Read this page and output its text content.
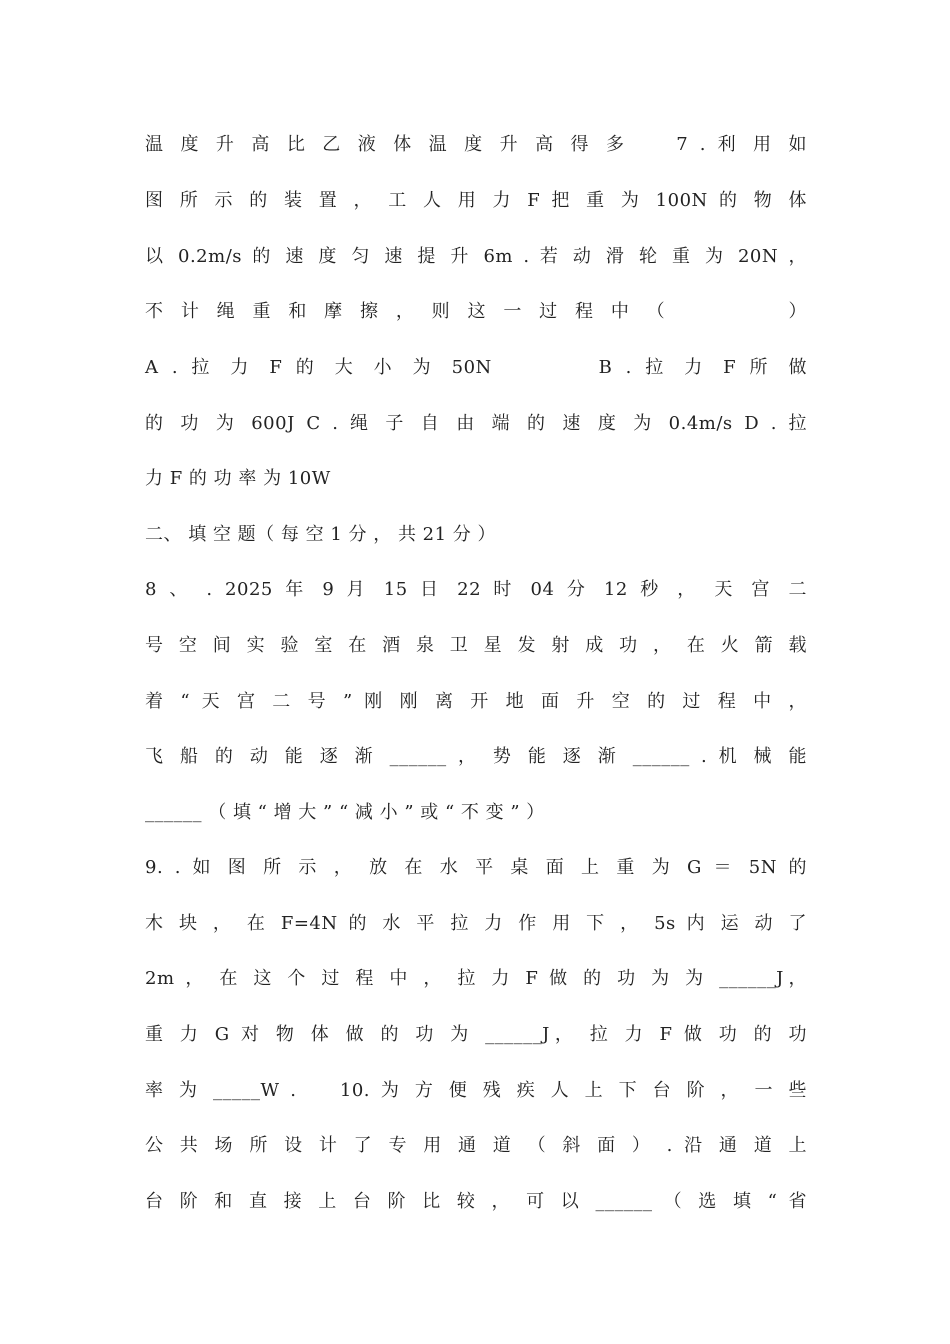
温 度 升 高 比 乙 液 体 温 度 升 高 得 多    7 . 利 用 如
图 所 示 的 装 置 ， 工 人 用 力 F 把 重 为 100N 的 物 体
以 0.2m/s 的 速 度 匀 速 提 升 6m . 若 动 滑 轮 重 为 20N ，
不 计 绳 重 和 摩 擦 ， 则 这 一 过 程 中 （          ）
A . 拉 力 F 的 大 小 为 50N        B . 拉 力 F 所 做
的 功 为 600J C . 绳 子 自 由 端 的 速 度 为 0.4m/s D . 拉
力 F 的 功 率 为 10W
二、 填 空 题（ 每 空 1 分 ， 共 21 分 ）
8 、 . 2025 年 9 月 15 日 22 时 04 分 12 秒 ， 天 宫 二
号 空 间 实 验 室 在 酒 泉 卫 星 发 射 成 功 ， 在 火 箭 载
着 “ 天 宫 二 号 ” 刚 刚 离 开 地 面 升 空 的 过 程 中 ，
飞 船 的 动 能 逐 渐 ______ ， 势 能 逐 渐 ______ . 机 械 能
______ （ 填 “ 增 大 ” “ 减 小 ” 或 “ 不 变 ” ）
9. . 如 图 所 示 ， 放 在 水 平 桌 面 上 重 为 G ＝ 5N 的
木 块 ， 在 F=4N 的 水 平 拉 力 作 用 下 ， 5s 内 运 动 了
2m ， 在 这 个 过 程 中 ， 拉 力 F 做 的 功 为 为 ______J，
重 力 G 对 物 体 做 的 功 为 ______J， 拉 力 F 做 功 的 功
率 为 _____W .    10. 为 方 便 残 疾 人 上 下 台 阶 ， 一 些
公 共 场 所 设 计 了 专 用 通 道 （ 斜 面 ） . 沿 通 道 上
台 阶 和 直 接 上 台 阶 比 较 ， 可 以 ______ （ 选 填 “ 省
